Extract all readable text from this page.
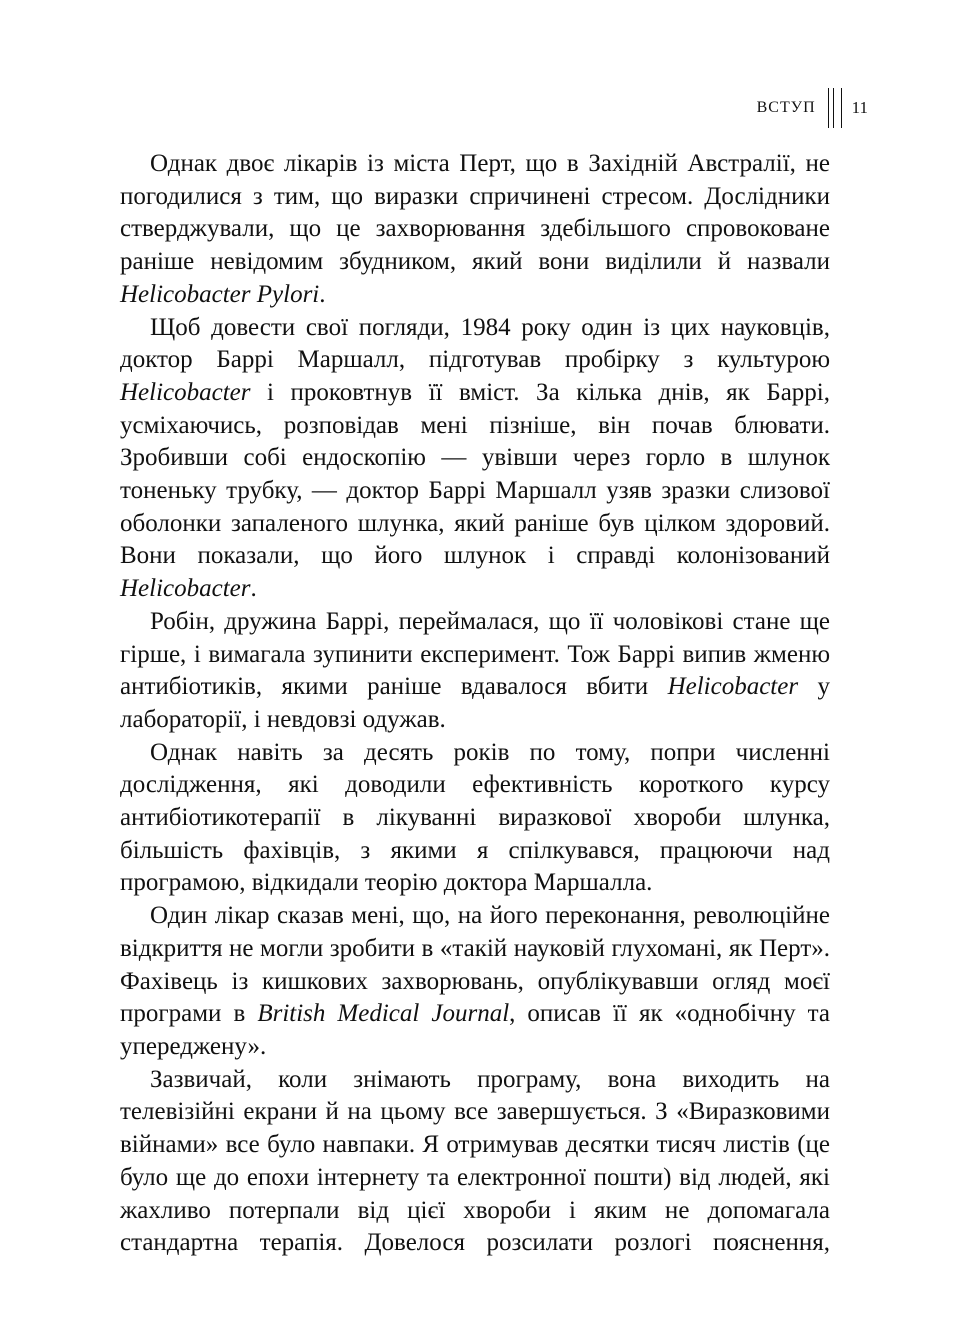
ВСТУП 11

Однак двоє лікарів із міста Перт, що в Західній Австралії, не погодилися з тим, що виразки спричинені стресом. Дослідники стверджували, що це захворювання здебільшого спровоковане раніше невідомим збудником, який вони виділили й назвали Helicobacter Pylori.

Щоб довести свої погляди, 1984 року один із цих науковців, доктор Баррі Маршалл, підготував пробірку з культурою Helicobacter і проковтнув її вміст. За кілька днів, як Баррі, усміхаючись, розповідав мені пізніше, він почав блювати. Зробивши собі ендоскопію — увівши через горло в шлунок тоненьку трубку, — доктор Баррі Маршалл узяв зразки слизової оболонки запаленого шлунка, який раніше був цілком здоровий. Вони показали, що його шлунок і справді колонізований Helicobacter.

Робін, дружина Баррі, переймалася, що її чоловікові стане ще гірше, і вимагала зупинити експеримент. Тож Баррі випив жменю антибіотиків, якими раніше вдавалося вбити Helicobacter у лабораторії, і невдовзі одужав.

Однак навіть за десять років по тому, попри численні дослідження, які доводили ефективність короткого курсу антибіотикотерапії в лікуванні виразкової хвороби шлунка, більшість фахівців, з якими я спілкувався, працюючи над програмою, відкидали теорію доктора Маршалла.

Один лікар сказав мені, що, на його переконання, революційне відкриття не могли зробити в «такій науковій глухомані, як Перт». Фахівець із кишкових захворювань, опублікувавши огляд моєї програми в British Medical Journal, описав її як «однобічну та упереджену».

Зазвичай, коли знімають програму, вона виходить на телевізійні екрани й на цьому все завершується. З «Виразковими війнами» все було навпаки. Я отримував десятки тисяч листів (це було ще до епохи інтернету та електронної пошти) від людей, які жахливо потерпали від цієї хвороби і яким не допомагала стандартна терапія. Довелося розсилати розлогі пояснення,
